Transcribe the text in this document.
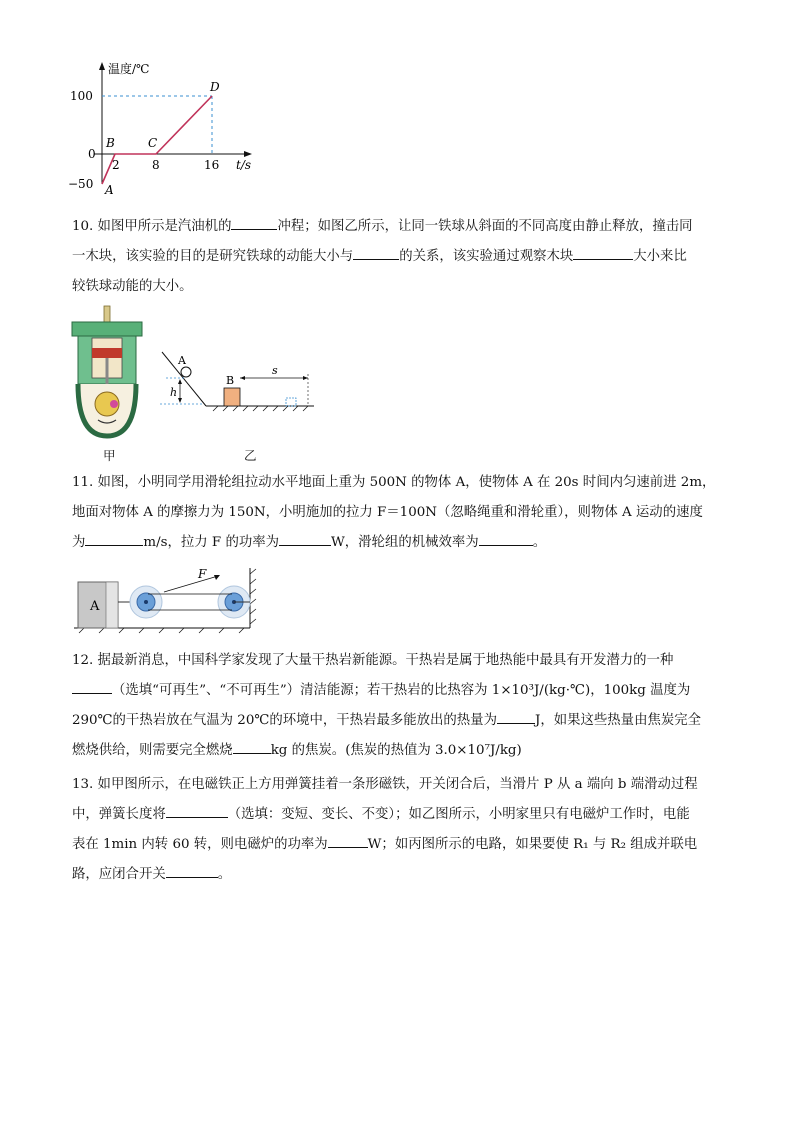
温度/℃
100
0
−50
2	8	16 t/s
A
B	C
D

10. 如图甲所示是汽油机的	冲程；如图乙所示，让同一铁球从斜面的不同高度由静止释放，撞击同

一木块，该实验的目的是研究铁球的动能大小与	的关系，该实验通过观察木块	大小来比

较铁球动能的大小。

甲
A
h
B
s
乙

11. 如图，小明同学用滑轮组拉动水平地面上重为 500N 的物体 A，使物体 A 在 20s 时间内匀速前进 2m，

地面对物体 A 的摩擦力为 150N，小明施加的拉力 F＝100N（忽略绳重和滑轮重），则物体 A 运动的速度

为	m/s，拉力 F 的功率为	W，滑轮组的机械效率为	。

A
F

12. 据最新消息，中国科学家发现了大量干热岩新能源。干热岩是属于地热能中最具有开发潜力的一种

（选填“可再生”、“不可再生”）清洁能源；若干热岩的比热容为 1×10³J/(kg·℃)，100kg 温度为

290℃的干热岩放在气温为 20℃的环境中，干热岩最多能放出的热量为	J，如果这些热量由焦炭完全

燃烧供给，则需要完全燃烧	kg 的焦炭。(焦炭的热值为 3.0×10⁷J/kg)

13. 如甲图所示，在电磁铁正上方用弹簧挂着一条形磁铁，开关闭合后，当滑片 P 从 a 端向 b 端滑动过程

中，弹簧长度将	（选填：变短、变长、不变）；如乙图所示，小明家里只有电磁炉工作时，电能

表在 1min 内转 60 转，则电磁炉的功率为	W；如丙图所示的电路，如果要使 R₁ 与 R₂ 组成并联电

路，应闭合开关	。
